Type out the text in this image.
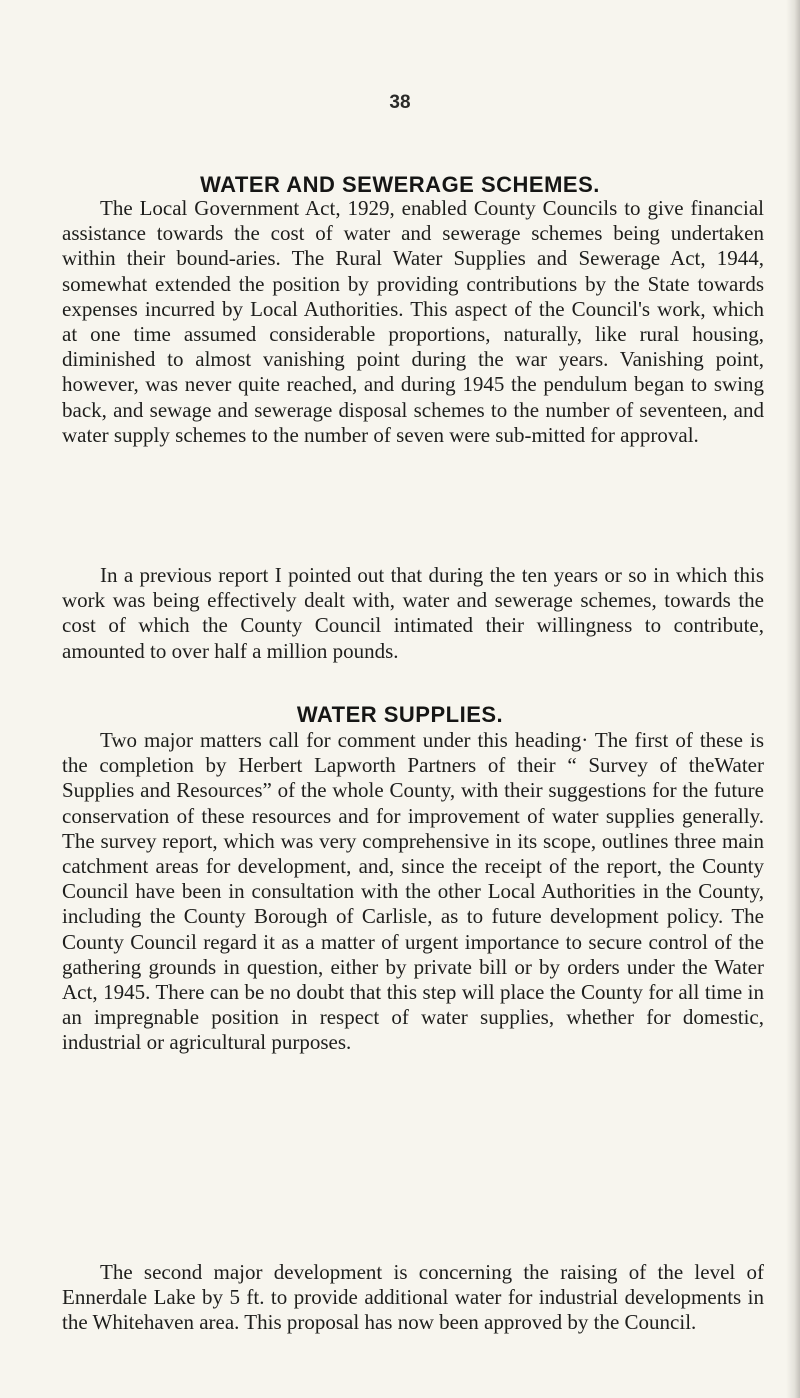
38
WATER AND SEWERAGE SCHEMES.

The Local Government Act, 1929, enabled County Councils to give financial assistance towards the cost of water and sewerage schemes being undertaken within their bound-aries. The Rural Water Supplies and Sewerage Act, 1944, somewhat extended the position by providing contributions by the State towards expenses incurred by Local Authorities. This aspect of the Council's work, which at one time assumed considerable proportions, naturally, like rural housing, diminished to almost vanishing point during the war years. Vanishing point, however, was never quite reached, and during 1945 the pendulum began to swing back, and sewage and sewerage disposal schemes to the number of seventeen, and water supply schemes to the number of seven were sub-mitted for approval.

In a previous report I pointed out that during the ten years or so in which this work was being effectively dealt with, water and sewerage schemes, towards the cost of which the County Council intimated their willingness to contribute, amounted to over half a million pounds.

WATER SUPPLIES.

Two major matters call for comment under this heading· The first of these is the completion by Herbert Lapworth Partners of their “ Survey of theWater Supplies and Resources” of the whole County, with their suggestions for the future conservation of these resources and for improvement of water supplies generally. The survey report, which was very comprehensive in its scope, outlines three main catchment areas for development, and, since the receipt of the report, the County Council have been in consultation with the other Local Authorities in the County, including the County Borough of Carlisle, as to future development policy. The County Council regard it as a matter of urgent importance to secure control of the gathering grounds in question, either by private bill or by orders under the Water Act, 1945. There can be no doubt that this step will place the County for all time in an impregnable position in respect of water supplies, whether for domestic, industrial or agricultural purposes.

The second major development is concerning the raising of the level of Ennerdale Lake by 5 ft. to provide additional water for industrial developments in the Whitehaven area. This proposal has now been approved by the Council.
